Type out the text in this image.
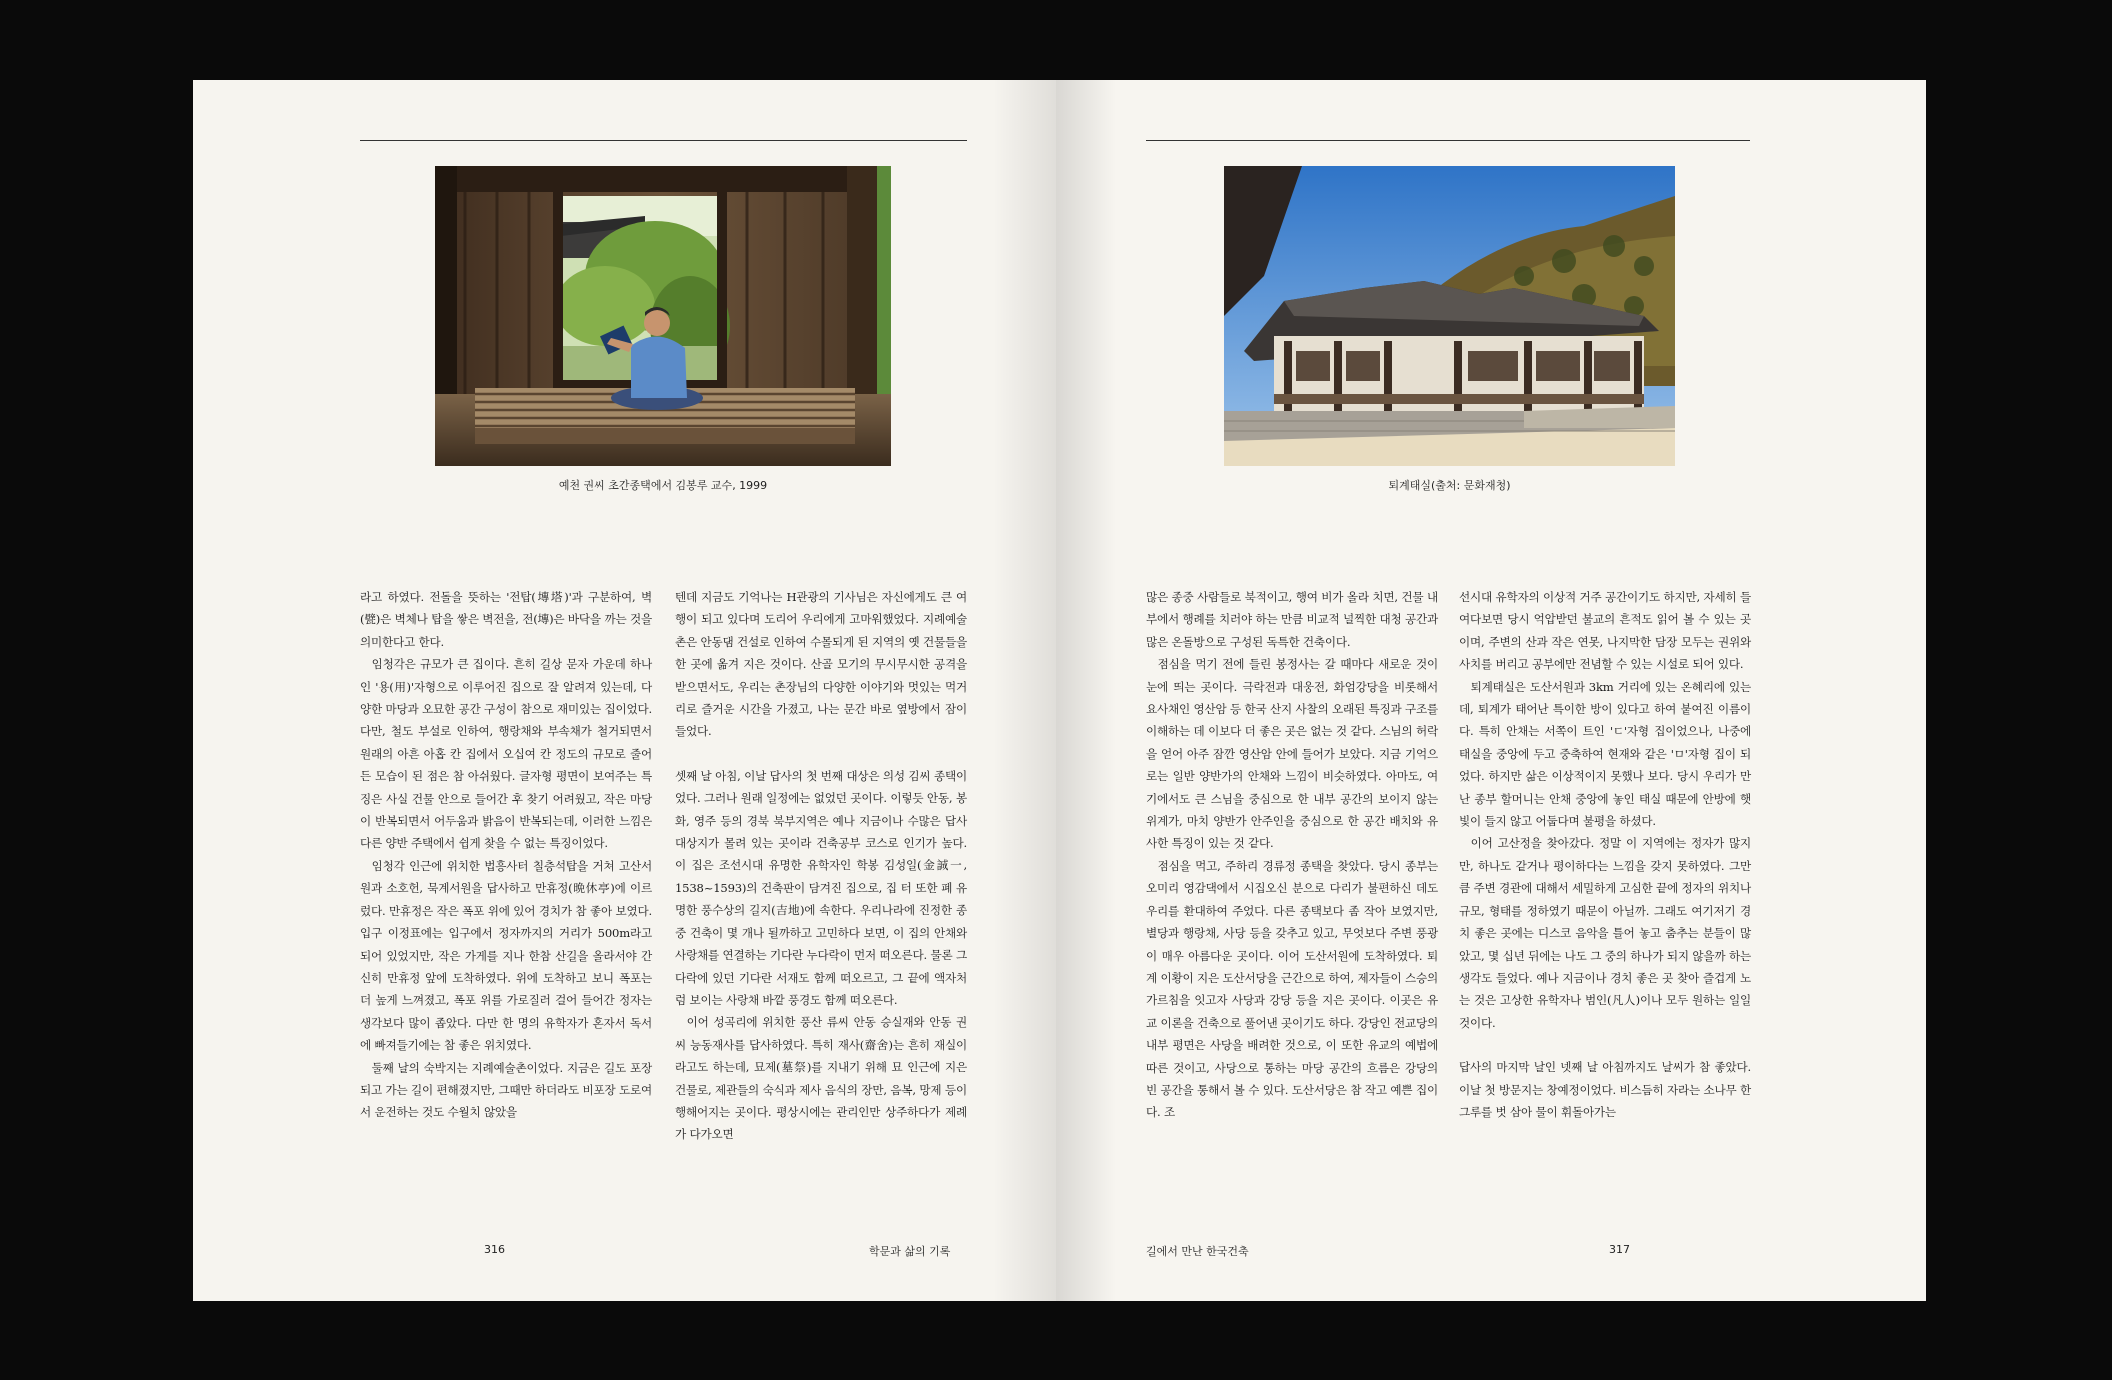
예천 권씨 초간종택에서 김봉루 교수, 1999

라고 하였다. 전돌을 뜻하는 '전탑(塼塔)'과 구분하여, 벽(甓)은 벽체나 탑을 쌓은 벽전을, 전(塼)은 바닥을 까는 것을 의미한다고 한다.

임청각은 규모가 큰 집이다. 흔히 길상 문자 가운데 하나인 '용(用)'자형으로 이루어진 집으로 잘 알려져 있는데, 다양한 마당과 오묘한 공간 구성이 참으로 재미있는 집이었다. 다만, 철도 부설로 인하여, 행랑채와 부속채가 철거되면서 원래의 아흔 아홉 칸 집에서 오십여 칸 정도의 규모로 줄어든 모습이 된 점은 참 아쉬웠다. 글자형 평면이 보여주는 특징은 사실 건물 안으로 들어간 후 찾기 어려웠고, 작은 마당이 반복되면서 어두움과 밝음이 반복되는데, 이러한 느낌은 다른 양반 주택에서 쉽게 찾을 수 없는 특징이었다.

임청각 인근에 위치한 법흥사터 칠층석탑을 거쳐 고산서원과 소호헌, 묵계서원을 답사하고 만휴정(晩休亭)에 이르렀다. 만휴정은 작은 폭포 위에 있어 경치가 참 좋아 보였다. 입구 이정표에는 입구에서 정자까지의 거리가 500m라고 되어 있었지만, 작은 가게를 지나 한참 산길을 올라서야 간신히 만휴정 앞에 도착하였다. 위에 도착하고 보니 폭포는 더 높게 느껴졌고, 폭포 위를 가로질러 걸어 들어간 정자는 생각보다 많이 좁았다. 다만 한 명의 유학자가 혼자서 독서에 빠져들기에는 참 좋은 위치였다.

둘째 날의 숙박지는 지례예술촌이었다. 지금은 길도 포장되고 가는 길이 편해졌지만, 그때만 하더라도 비포장 도로여서 운전하는 것도 수월치 않았을

텐데 지금도 기억나는 H관광의 기사님은 자신에게도 큰 여행이 되고 있다며 도리어 우리에게 고마워했었다. 지례예술촌은 안동댐 건설로 인하여 수몰되게 된 지역의 옛 건물들을 한 곳에 옮겨 지은 것이다. 산골 모기의 무시무시한 공격을 받으면서도, 우리는 촌장님의 다양한 이야기와 멋있는 먹거리로 즐거운 시간을 가졌고, 나는 문간 바로 옆방에서 잠이 들었다.

셋째 날 아침, 이날 답사의 첫 번째 대상은 의성 김씨 종택이었다. 그러나 원래 일정에는 없었던 곳이다. 이렇듯 안동, 봉화, 영주 등의 경북 북부지역은 예나 지금이나 수많은 답사 대상지가 몰려 있는 곳이라 건축공부 코스로 인기가 높다. 이 집은 조선시대 유명한 유학자인 학봉 김성일(金誠一, 1538~1593)의 건축판이 담겨진 집으로, 집 터 또한 폐 유명한 풍수상의 길지(吉地)에 속한다. 우리나라에 진정한 종중 건축이 몇 개나 될까하고 고민하다 보면, 이 집의 안채와 사랑채를 연결하는 기다란 누다락이 먼저 떠오른다. 물론 그 다락에 있던 기다란 서재도 함께 떠오르고, 그 끝에 액자처럼 보이는 사랑채 바깥 풍경도 함께 떠오른다.

이어 성곡리에 위치한 풍산 류씨 안동 승실재와 안동 권씨 능동재사를 답사하였다. 특히 재사(齋舍)는 흔히 재실이라고도 하는데, 묘제(墓祭)를 지내기 위해 묘 인근에 지은 건물로, 제관들의 숙식과 제사 음식의 장만, 음복, 망제 등이 행해어지는 곳이다. 평상시에는 관리인만 상주하다가 제례가 다가오면

316	학문과 삶의 기록
퇴계태실(출처: 문화재청)

많은 종중 사람들로 북적이고, 행여 비가 올라 치면, 건물 내부에서 행례를 치러야 하는 만큼 비교적 널찍한 대청 공간과 많은 온돌방으로 구성된 독특한 건축이다.

점심을 먹기 전에 들린 봉정사는 갈 때마다 새로운 것이 눈에 띄는 곳이다. 극락전과 대웅전, 화엄강당을 비롯해서 요사채인 영산암 등 한국 산지 사찰의 오래된 특징과 구조를 이해하는 데 이보다 더 좋은 곳은 없는 것 같다. 스님의 허락을 얻어 아주 잠깐 영산암 안에 들어가 보았다. 지금 기억으로는 일반 양반가의 안채와 느낌이 비슷하였다. 아마도, 여기에서도 큰 스님을 중심으로 한 내부 공간의 보이지 않는 위계가, 마치 양반가 안주인을 중심으로 한 공간 배치와 유사한 특징이 있는 것 같다.

점심을 먹고, 주하리 경류정 종택을 찾았다. 당시 종부는 오미리 영감댁에서 시집오신 분으로 다리가 불편하신 데도 우리를 환대하여 주었다. 다른 종택보다 좀 작아 보였지만, 별당과 행랑채, 사당 등을 갖추고 있고, 무엇보다 주변 풍광이 매우 아름다운 곳이다. 이어 도산서원에 도착하였다. 퇴계 이황이 지은 도산서당을 근간으로 하여, 제자들이 스승의 가르침을 잇고자 사당과 강당 등을 지은 곳이다. 이곳은 유교 이론을 건축으로 풀어낸 곳이기도 하다. 강당인 전교당의 내부 평면은 사당을 배려한 것으로, 이 또한 유교의 예법에 따른 것이고, 사당으로 통하는 마당 공간의 흐름은 강당의 빈 공간을 통해서 볼 수 있다. 도산서당은 참 작고 예쁜 집이다. 조

선시대 유학자의 이상적 거주 공간이기도 하지만, 자세히 들여다보면 당시 억압받던 불교의 흔적도 읽어 볼 수 있는 곳이며, 주변의 산과 작은 연못, 나지막한 담장 모두는 권위와 사치를 버리고 공부에만 전념할 수 있는 시설로 되어 있다.

퇴계태실은 도산서원과 3km 거리에 있는 온혜리에 있는데, 퇴계가 태어난 특이한 방이 있다고 하여 붙여진 이름이다. 특히 안채는 서쪽이 트인 'ㄷ'자형 집이었으나, 나중에 태실을 중앙에 두고 중축하여 현재와 같은 'ㅁ'자형 집이 되었다. 하지만 삶은 이상적이지 못했나 보다. 당시 우리가 만난 종부 할머니는 안채 중앙에 놓인 태실 때문에 안방에 햇빛이 들지 않고 어둡다며 불평을 하셨다.

이어 고산정을 찾아갔다. 정말 이 지역에는 정자가 많지만, 하나도 같거나 평이하다는 느낌을 갖지 못하였다. 그만큼 주변 경관에 대해서 세밀하게 고심한 끝에 정자의 위치나 규모, 형태를 정하였기 때문이 아닐까. 그래도 여기저기 경치 좋은 곳에는 디스코 음악을 틀어 놓고 춤추는 분들이 많았고, 몇 십년 뒤에는 나도 그 중의 하나가 되지 않을까 하는 생각도 들었다. 예나 지금이나 경치 좋은 곳 찾아 즐겁게 노는 것은 고상한 유학자나 범인(凡人)이나 모두 원하는 일일 것이다.

답사의 마지막 날인 넷째 날 아침까지도 날씨가 참 좋았다. 이날 첫 방문지는 창예정이었다. 비스듬히 자라는 소나무 한 그루를 벗 삼아 물이 휘돌아가는

길에서 만난 한국건축	317
